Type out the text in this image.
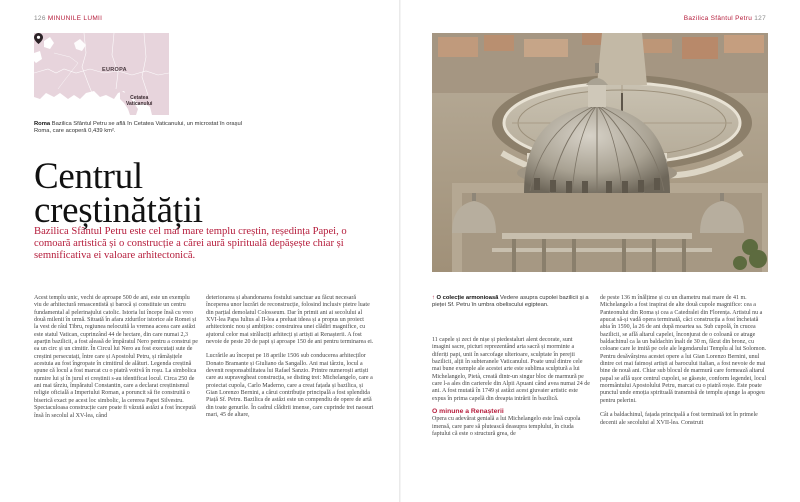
126 MINUNILE LUMII	Bazilica Sfântul Petru 127
EUROPA
Cetatea
Vaticanului
Roma Bazilica Sfântul Petru se află în Cetatea Vaticanului, un microstat în orașul Roma, care acoperă 0,439 km².
Centrul
creștinătății
Bazilica Sfântul Petru este cel mai mare templu creștin, reședința Papei, o comoară artistică și o construcție a cărei aură spirituală depășește chiar și semnificativa ei valoare arhitectonică.

Acest templu unic, vechi de aproape 500 de ani, este un exemplu viu de arhitectură renascentistă și barocă și constituie un centru fundamental al pelerinajului catolic. Istoria lui începe însă cu vreo două milenii în urmă. Situată în afara zidurilor istorice ale Romei și la vest de râul Tibru, regiunea nelocuită la vremea aceea care astăzi este statul Vatican, cuprinzând 44 de hectare, din care numai 2,3 aparțin bazilicii, a fost aleasă de împăratul Nero pentru a construi pe ea un circ și un cimitir. În Circul lui Nero au fost executați sute de creștini persecutați, între care și Apostolul Petru, și rămășițele acestuia au fost îngropate în cimitirul de alături. Legenda creștină spune că locul a fost marcat cu o piatră votivă în roșu. La simbolica numire lui și în jurul ei creștinii s-au identificat locul. Circa 250 de ani mai târziu, împăratul Constantin, care a declarat creștinismul religie oficială a Imperiului Roman, a poruncit să fie construită o biserică exact pe acest loc simbolic, la cererea Papei Silvestru. Spectaculoasa construcție care poate fi văzută astăzi a fost începută însă în secolul al XV-lea, când

deteriorarea și abandonarea fostului sanctuar au făcut necesară începerea unor lucrări de reconstrucție, folosind inclusiv pietre luate din parțial demolatul Colosseum. Dar în primii ani ai secolului al XVI-lea Papa Iulius al II-lea a preluat ideea și a propus un proiect arhitectonic nou și ambițios: construirea unei clădiri magnifice, cu ajutorul celor mai străluciți arhitecți și artiști ai Renașterii. A fost nevoie de peste 20 de papi și aproape 150 de ani pentru terminarea ei.

Lucrările au început pe 18 aprilie 1506 sub conducerea arhitecților Donato Bramante și Giuliano da Sangallo. Ani mai târziu, locul a devenit responsabilitatea lui Rafael Sanzio. Printre numeroșii artiști care au supravegheat construcția, se disting trei: Michelangelo, care a proiectat cupola, Carlo Maderno, care a creat fațada și bazilica, și Gian Lorenzo Bernini, a cărui contribuție principală a fost splendida Piață Sf. Petru. Bazilica de astăzi este un compendiu de opere de artă din toate genurile. În cadrul clădirii imense, care cuprinde trei naosuri mari, 45 de altare,

↑ O colecție armonioasă Vedere asupra cupolei bazilicii și a pieței Sf. Petru în umbra obeliscului egiptean.

11 capele și zeci de nișe și piedestaluri alent decorate, sunt imagini sacre, picturi reprezentând arta sacră și morminte a diferiți papi, unii în sarcofage ulterioare, sculptate în perejii bazilicii, alții în subteranele Vaticanului. Poate unul dintre cele mai bune exemple ale acestei arte este sublima sculptură a lui Michelangelo, Pietà, creată dintr-un singur bloc de marmură pe care l-a ales din carierele din Alpii Apuani când avea numai 24 de ani. A fost mutată în 1749 și astăzi acest giuvaier artistic este expus în prima capelă din dreapta intrării în bazilică.

O minune a Renașterii

Opera cu adevărat genială a lui Michelangelo este însă cupola imensă, care pare să plutească deasupra templului, în ciuda faptului că este o structură grea, de

de peste 136 m înălțime și cu un diametru mai mare de 41 m. Michelangelo a fost inspirat de alte două cupole magnifice: cea a Panteonului din Roma și cea a Catedralei din Florența. Artistul nu a apucat să-și vadă opera terminată, căci construcția a fost încheiată abia în 1590, la 26 de ani după moartea sa. Sub cupolă, în crucea bazilicii, se află altarul capelei, înconjurat de o coloană ce atrage baldachinul ca la un baldachin înalt de 30 m, făcut din bronz, cu coloane care le imită pe cele ale legendarului Templu al lui Solomon. Pentru desăvârșirea acestei opere a lui Gian Lorenzo Bernini, unul dintre cei mai faimoși artiști ai barocului italian, a fost nevoie de mai bine de nouă ani. Chiar sub blocul de marmură care formează altarul papal se află ușor centrul cupolei, se găsește, conform legendei, locul mormântului Apostolului Petru, marcat cu o piatră roșie. Este poate punctul unde emoția spirituală transmisă de templu ajunge la apogeu pentru pelerini.

Cât a baldachinul, fațada principală a fost terminată tot în primele decenii ale secolului al XVII-lea. Construit
